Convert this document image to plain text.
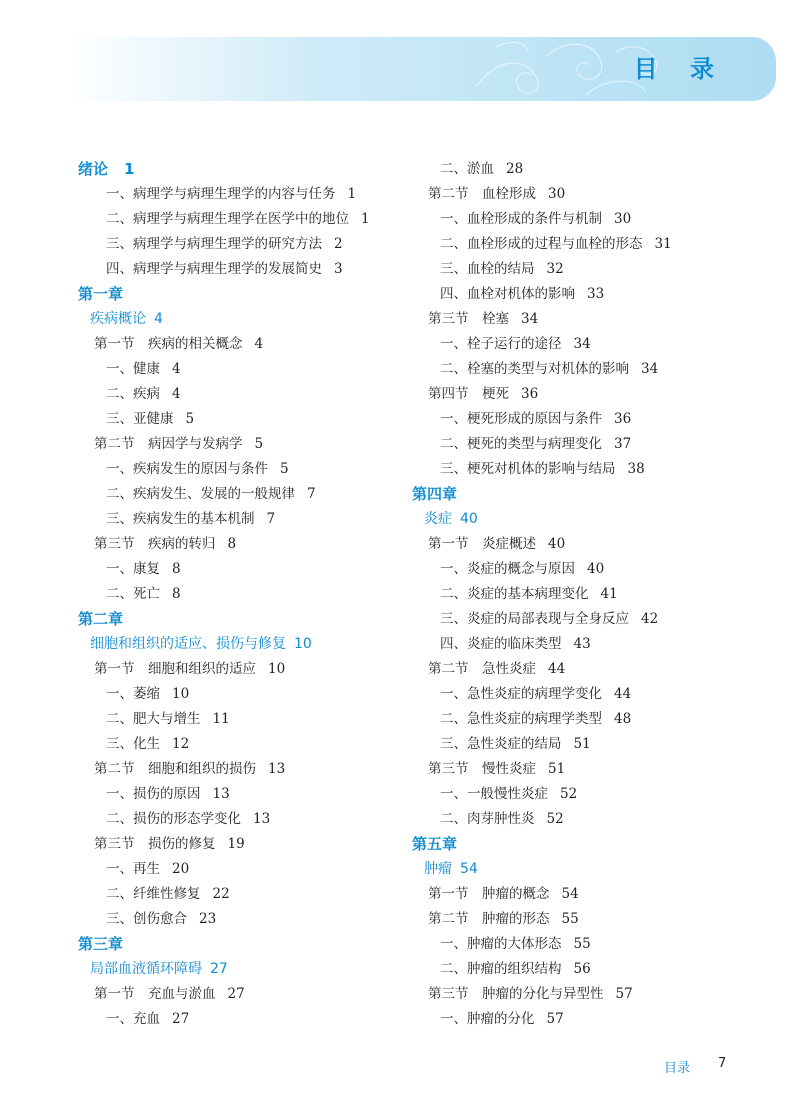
目 录
绪论 1
一、病理学与病理生理学的内容与任务 1
二、病理学与病理生理学在医学中的地位 1
三、病理学与病理生理学的研究方法 2
四、病理学与病理生理学的发展简史 3
第一章
疾病概论 4
第一节　疾病的相关概念 4
一、健康 4
二、疾病 4
三、亚健康 5
第二节　病因学与发病学 5
一、疾病发生的原因与条件 5
二、疾病发生、发展的一般规律 7
三、疾病发生的基本机制 7
第三节　疾病的转归 8
一、康复 8
二、死亡 8
第二章
细胞和组织的适应、损伤与修复 10
第一节　细胞和组织的适应 10
一、萎缩 10
二、肥大与增生 11
三、化生 12
第二节　细胞和组织的损伤 13
一、损伤的原因 13
二、损伤的形态学变化 13
第三节　损伤的修复 19
一、再生 20
二、纤维性修复 22
三、创伤愈合 23
第三章
局部血液循环障碍 27
第一节　充血与淤血 27
一、充血 27
二、淤血 28
第二节　血栓形成 30
一、血栓形成的条件与机制 30
二、血栓形成的过程与血栓的形态 31
三、血栓的结局 32
四、血栓对机体的影响 33
第三节　栓塞 34
一、栓子运行的途径 34
二、栓塞的类型与对机体的影响 34
第四节　梗死 36
一、梗死形成的原因与条件 36
二、梗死的类型与病理变化 37
三、梗死对机体的影响与结局 38
第四章
炎症 40
第一节　炎症概述 40
一、炎症的概念与原因 40
二、炎症的基本病理变化 41
三、炎症的局部表现与全身反应 42
四、炎症的临床类型 43
第二节　急性炎症 44
一、急性炎症的病理学变化 44
二、急性炎症的病理学类型 48
三、急性炎症的结局 51
第三节　慢性炎症 51
一、一般慢性炎症 52
二、肉芽肿性炎 52
第五章
肿瘤 54
第一节　肿瘤的概念 54
第二节　肿瘤的形态 55
一、肿瘤的大体形态 55
二、肿瘤的组织结构 56
第三节　肿瘤的分化与异型性 57
一、肿瘤的分化 57
目录 7
